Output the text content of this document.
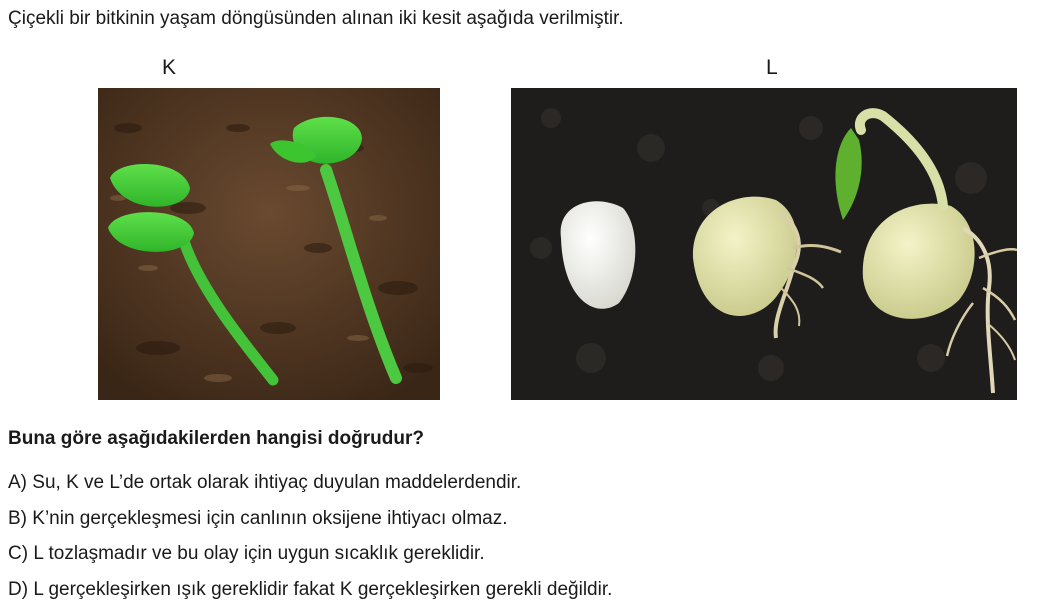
Çiçekli bir bitkinin yaşam döngüsünden alınan iki kesit aşağıda verilmiştir.
K	L
Buna göre aşağıdakilerden hangisi doğrudur?
A) Su, K ve L’de ortak olarak ihtiyaç duyulan maddelerdendir.
B) K’nin gerçekleşmesi için canlının oksijene ihtiyacı olmaz.
C) L tozlaşmadır ve bu olay için uygun sıcaklık gereklidir.
D) L gerçekleşirken ışık gereklidir fakat K gerçekleşirken gerekli değildir.
